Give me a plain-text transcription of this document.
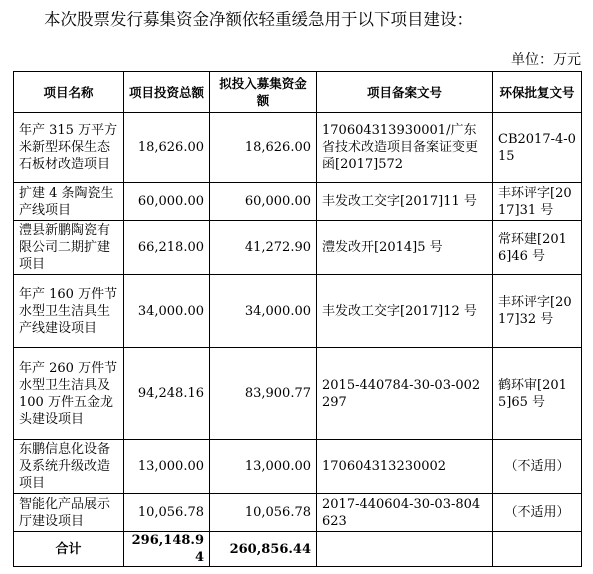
本次股票发行募集资金净额依轻重缓急用于以下项目建设：
单位：万元
项目名称	项目投资总额	拟投入募集资金额	项目备案文号	环保批复文号
年产 315 万平方米新型环保生态石板材改造项目	18,626.00	18,626.00	170604313930001/广东省技术改造项目备案证变更函[2017]572	CB2017-4-015
扩建 4 条陶瓷生产线项目	60,000.00	60,000.00	丰发改工交字[2017]11 号	丰环评字[2017]31 号
澧县新鹏陶瓷有限公司二期扩建项目	66,218.00	41,272.90	澧发改开[2014]5 号	常环建[2016]46 号
年产 160 万件节水型卫生洁具生产线建设项目	34,000.00	34,000.00	丰发改工交字[2017]12 号	丰环评字[2017]32 号
年产 260 万件节水型卫生洁具及 100 万件五金龙头建设项目	94,248.16	83,900.77	2015-440784-30-03-002297	鹤环审[2015]65 号
东鹏信息化设备及系统升级改造项目	13,000.00	13,000.00	170604313230002	（不适用）
智能化产品展示厅建设项目	10,056.78	10,056.78	2017-440604-30-03-804623	（不适用）
合计	296,148.94	260,856.44		
